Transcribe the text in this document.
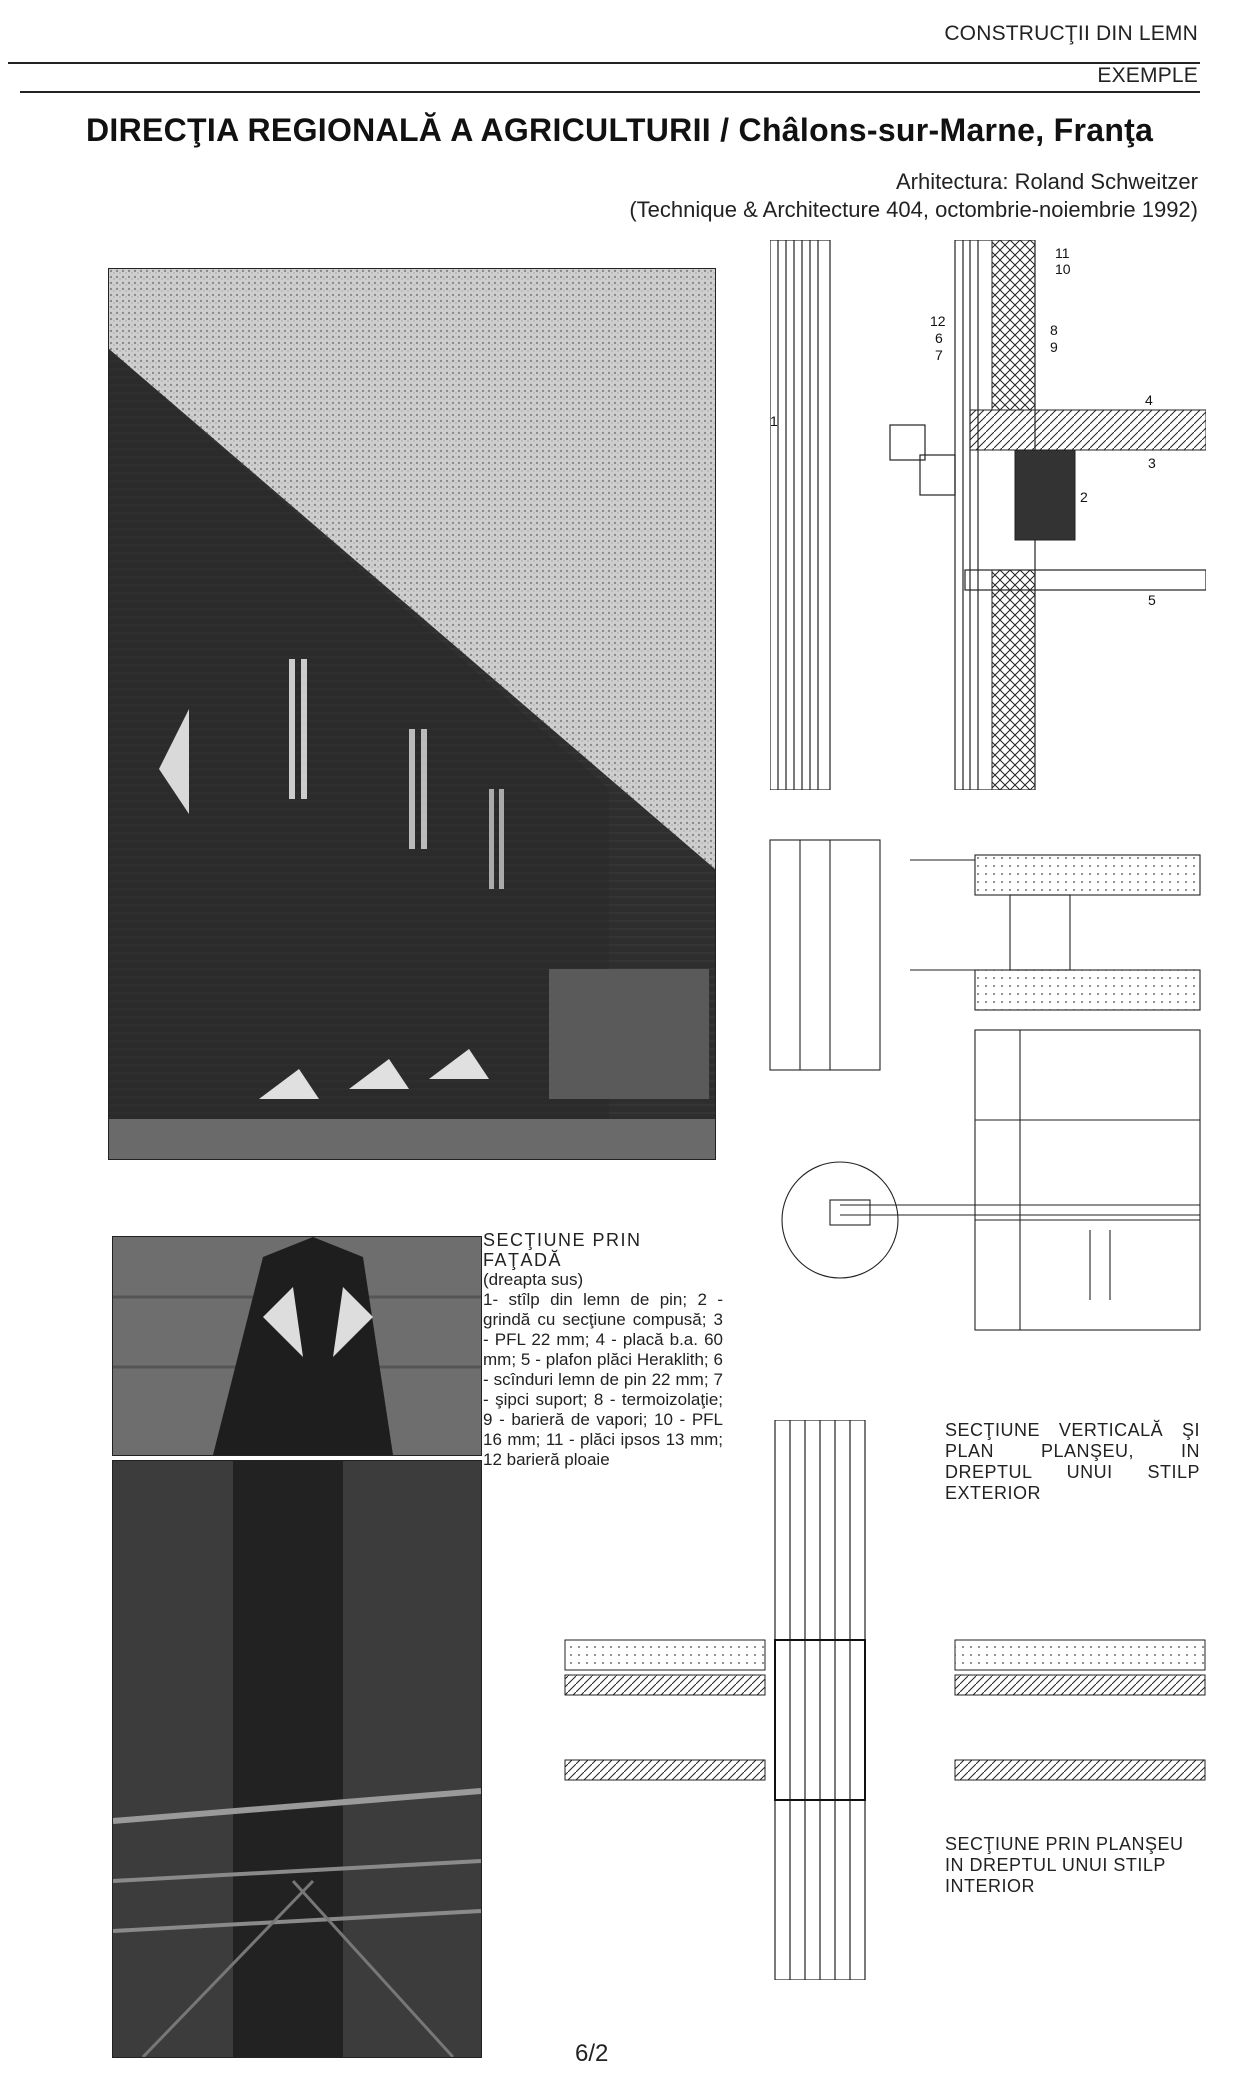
CONSTRUCŢII DIN LEMN
EXEMPLE
DIRECŢIA REGIONALĂ A AGRICULTURII / Châlons-sur-Marne, Franţa
Arhitectura: Roland Schweitzer
(Technique & Architecture 404, octombrie-noiembrie 1992)
11
10
12
6
7
8
9
4
3
2
5
1
SECŢIUNE PRIN FAŢADĂ
(dreapta sus)
1- stîlp din lemn de pin; 2 - grindă cu secţiune compusă; 3 - PFL 22 mm; 4 - placă b.a. 60 mm; 5 - plafon plăci Heraklith; 6 - scînduri lemn de pin 22 mm; 7 - şipci suport; 8 - termoizolaţie; 9 - barieră de vapori; 10 - PFL 16 mm; 11 - plăci ipsos 13 mm; 12 barieră ploaie
SECŢIUNE VERTICALĂ ŞI PLAN PLANŞEU, IN DREPTUL UNUI STILP EXTERIOR
SECŢIUNE PRIN PLANŞEU IN DREPTUL UNUI STILP INTERIOR
6/2
